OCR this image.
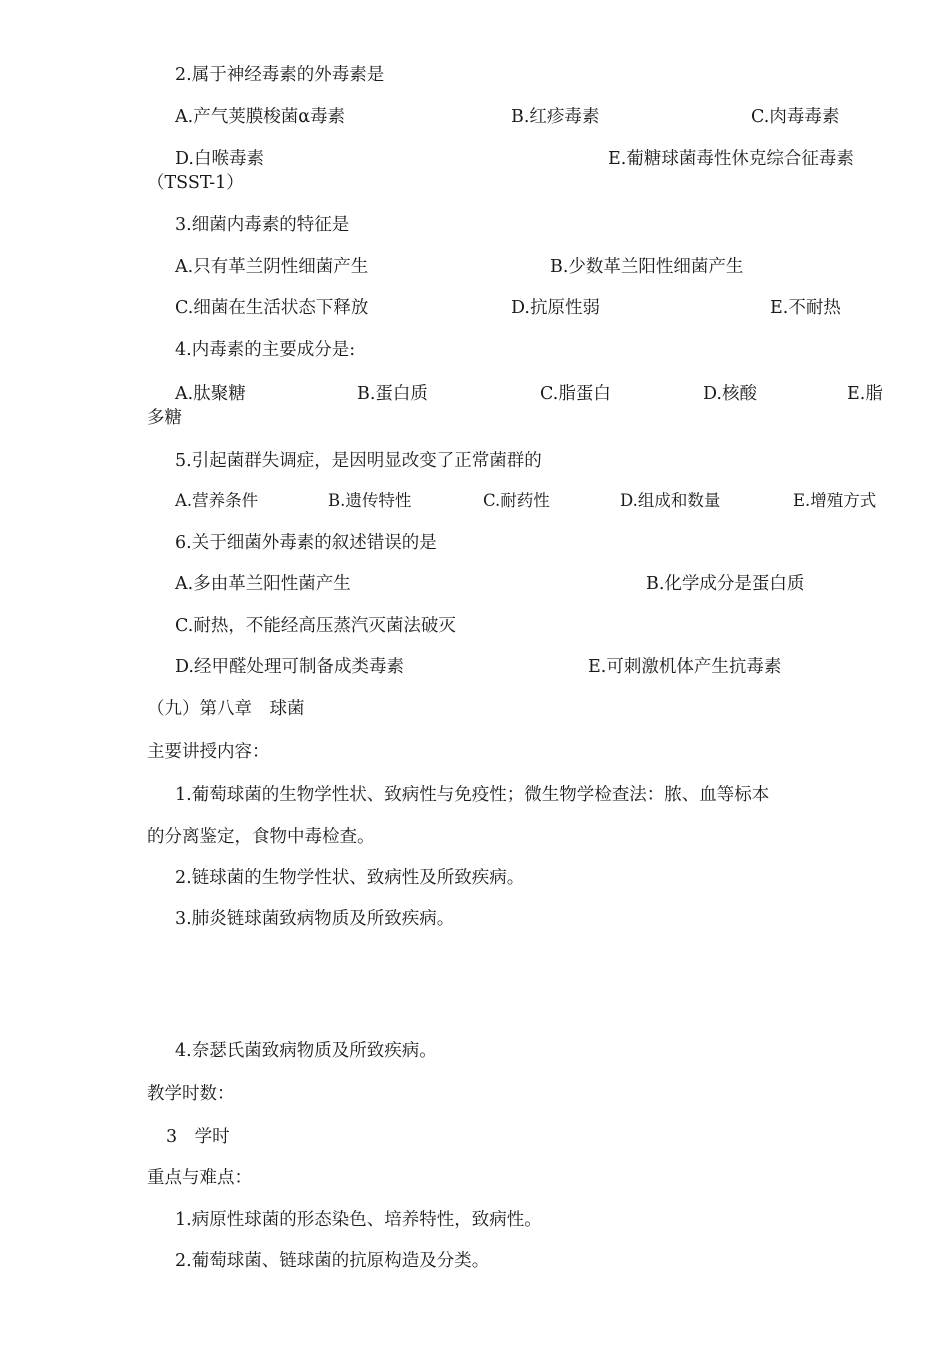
2.属于神经毒素的外毒素是
A.产气荚膜梭菌α毒素	B.红疹毒素	C.肉毒毒素
D.白喉毒素	E.葡糖球菌毒性休克综合征毒素
（TSST-1）
3.细菌内毒素的特征是
A.只有革兰阴性细菌产生	B.少数革兰阳性细菌产生
C.细菌在生活状态下释放	D.抗原性弱	E.不耐热
4.内毒素的主要成分是:
A.肽聚糖	B.蛋白质	C.脂蛋白	D.核酸	E.脂
多糖
5.引起菌群失调症，是因明显改变了正常菌群的
A.营养条件	B.遗传特性	C.耐药性	D.组成和数量	E.增殖方式
6.关于细菌外毒素的叙述错误的是
A.多由革兰阳性菌产生	B.化学成分是蛋白质
C.耐热，不能经高压蒸汽灭菌法破灭
D.经甲醛处理可制备成类毒素	E.可刺激机体产生抗毒素
（九）第八章　球菌
主要讲授内容：
1.葡萄球菌的生物学性状、致病性与免疫性；微生物学检查法：脓、血等标本
的分离鉴定，食物中毒检查。
2.链球菌的生物学性状、致病性及所致疾病。
3.肺炎链球菌致病物质及所致疾病。
4.奈瑟氏菌致病物质及所致疾病。
教学时数：
3　学时
重点与难点：
1.病原性球菌的形态染色、培养特性，致病性。
2.葡萄球菌、链球菌的抗原构造及分类。
